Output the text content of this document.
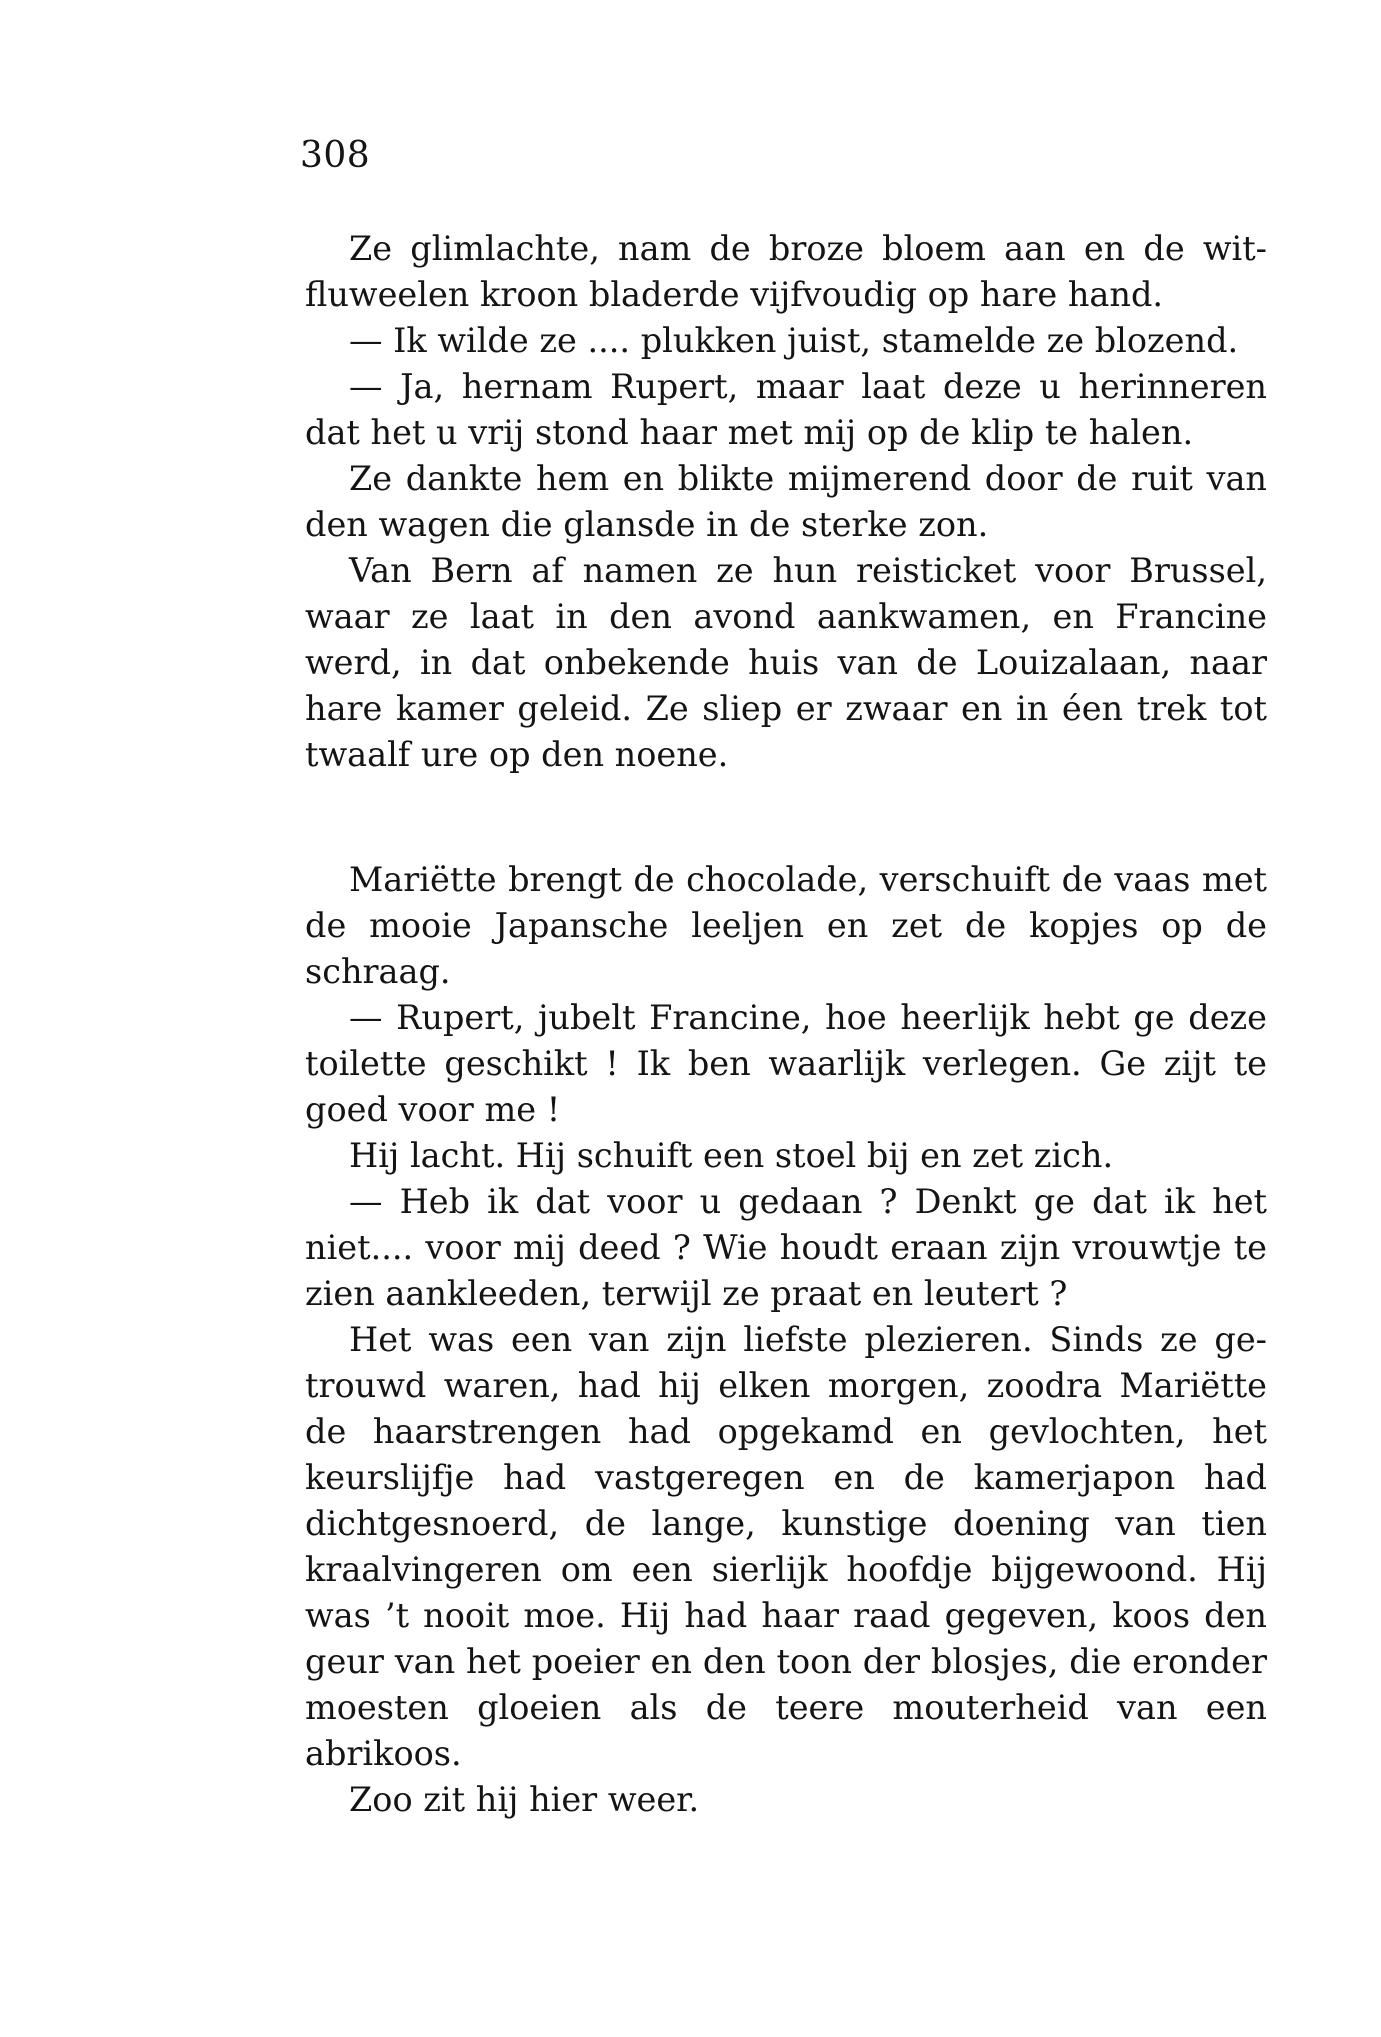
308

Ze glimlachte, nam de broze bloem aan en de witfluweelen kroon bladerde vijfvoudig op hare hand.

— Ik wilde ze .... plukken juist, stamelde ze blozend.

— Ja, hernam Rupert, maar laat deze u herinneren dat het u vrij stond haar met mij op de klip te halen.

Ze dankte hem en blikte mijmerend door de ruit van den wagen die glansde in de sterke zon.

Van Bern af namen ze hun reisticket voor Brussel, waar ze laat in den avond aankwamen, en Francine werd, in dat onbekende huis van de Louizalaan, naar hare kamer geleid. Ze sliep er zwaar en in éen trek tot twaalf ure op den noene.

Mariëtte brengt de chocolade, verschuift de vaas met de mooie Japansche leeljen en zet de kopjes op de schraag.

— Rupert, jubelt Francine, hoe heerlijk hebt ge deze toilette geschikt ! Ik ben waarlijk verlegen. Ge zijt te goed voor me !

Hij lacht. Hij schuift een stoel bij en zet zich.

— Heb ik dat voor u gedaan ? Denkt ge dat ik het niet.... voor mij deed ? Wie houdt eraan zijn vrouwtje te zien aankleeden, terwijl ze praat en leutert ?

Het was een van zijn liefste plezieren. Sinds ze getrouwd waren, had hij elken morgen, zoodra Mariëtte de haarstrengen had opgekamd en gevlochten, het keurslijfje had vastgeregen en de kamerjapon had dichtgesnoerd, de lange, kunstige doening van tien kraalvingeren om een sierlijk hoofdje bijgewoond. Hij was ’t nooit moe. Hij had haar raad gegeven, koos den geur van het poeier en den toon der blosjes, die eronder moesten gloeien als de teere mouterheid van een abrikoos.

Zoo zit hij hier weer.
